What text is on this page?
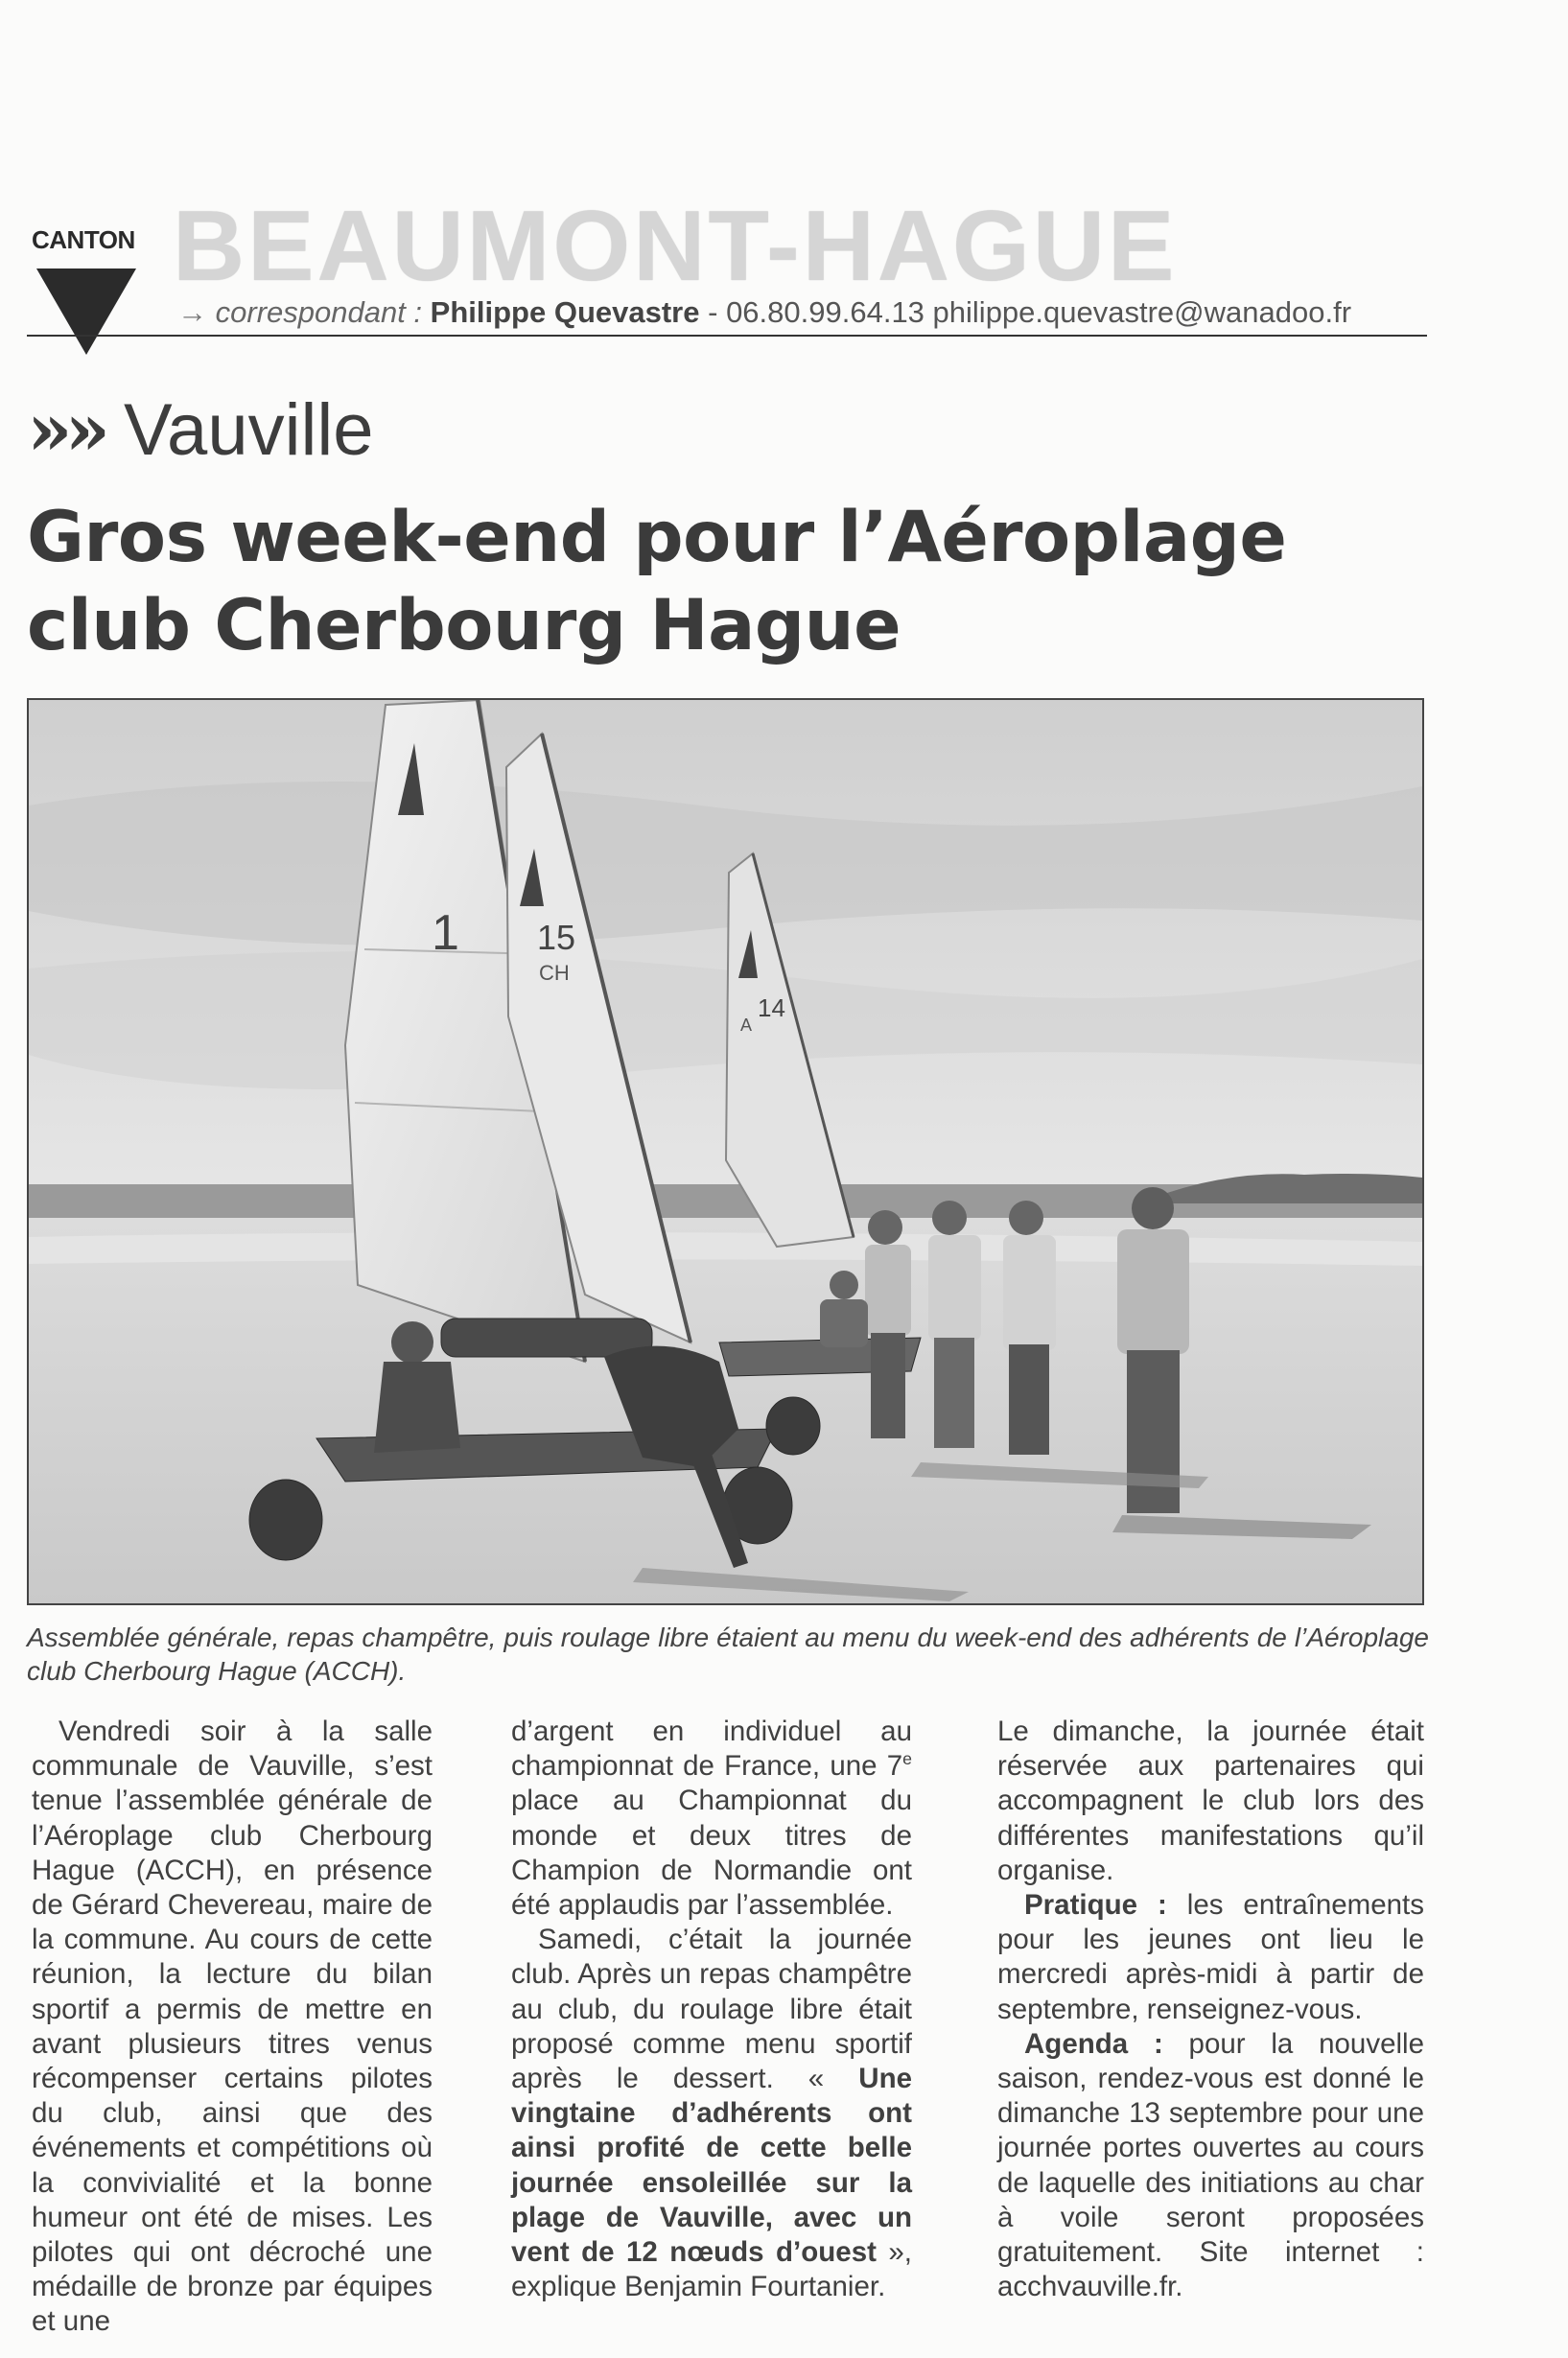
CANTON BEAUMONT-HAGUE
→ correspondant : Philippe Quevastre - 06.80.99.64.13 philippe.quevastre@wanadoo.fr
»» Vauville
Gros week-end pour l’Aéroplage
club Cherbourg Hague
1 15
CH
14
A
Assemblée générale, repas champêtre, puis roulage libre étaient au menu du week-end des adhérents de l’Aéroplage club Cherbourg Hague (ACCH).

Vendredi soir à la salle communale de Vauville, s’est tenue l’assemblée générale de l’Aéroplage club Cherbourg Hague (ACCH), en présence de Gérard Chevereau, maire de la commune. Au cours de cette réunion, la lecture du bilan sportif a permis de mettre en avant plusieurs titres venus récompenser certains pilotes du club, ainsi que des événements et compétitions où la convivialité et la bonne humeur ont été de mises. Les pilotes qui ont décroché une médaille de bronze par équipes et une

d’argent en individuel au championnat de France, une 7e place au Championnat du monde et deux titres de Champion de Normandie ont été applaudis par l’assemblée.

Samedi, c’était la journée club. Après un repas champêtre au club, du roulage libre était proposé comme menu sportif après le dessert. « Une vingtaine d’adhérents ont ainsi profité de cette belle journée ensoleillée sur la plage de Vauville, avec un vent de 12 nœuds d’ouest », explique Benjamin Fourtanier.

Le dimanche, la journée était réservée aux partenaires qui accompagnent le club lors des différentes manifestations qu’il organise.

Pratique : les entraînements pour les jeunes ont lieu le mercredi après-midi à partir de septembre, renseignez-vous.

Agenda : pour la nouvelle saison, rendez-vous est donné le dimanche 13 septembre pour une journée portes ouvertes au cours de laquelle des initiations au char à voile seront proposées gratuitement. Site internet : acchvauville.fr.
